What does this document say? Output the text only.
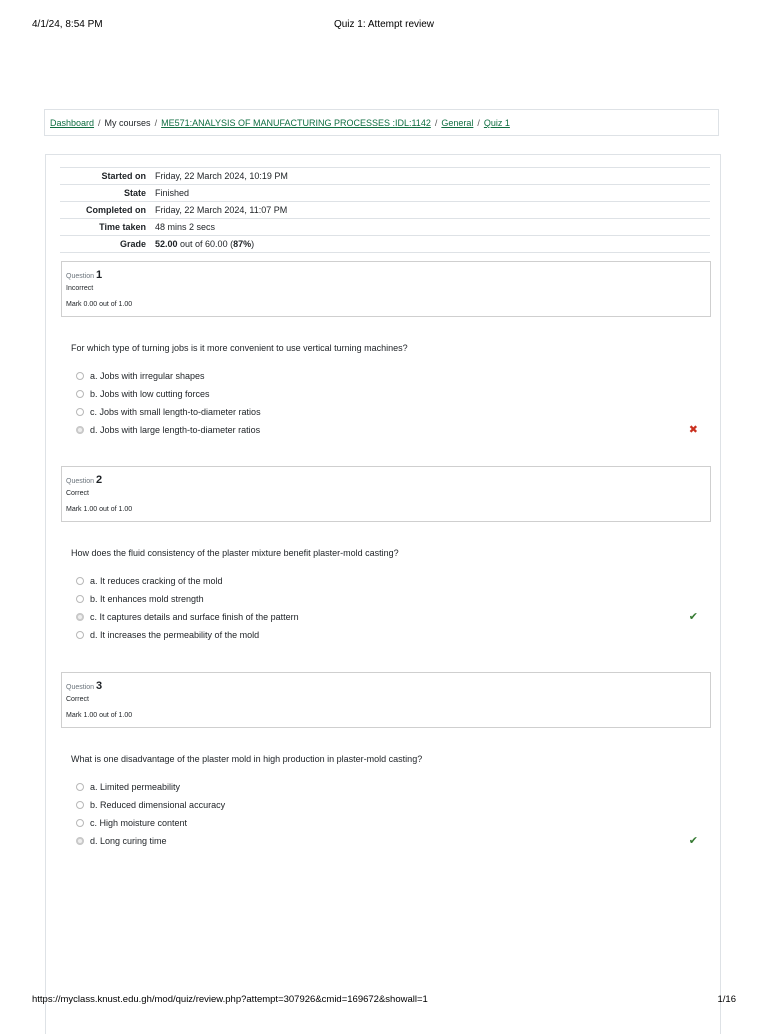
4/1/24, 8:54 PM	Quiz 1: Attempt review
Dashboard / My courses / ME571:ANALYSIS OF MANUFACTURING PROCESSES :IDL:1142 / General / Quiz 1
Started on	Friday, 22 March 2024, 10:19 PM
State	Finished
Completed on	Friday, 22 March 2024, 11:07 PM
Time taken	48 mins 2 secs
Grade	52.00 out of 60.00 (87%)
Question 1
Incorrect
Mark 0.00 out of 1.00
For which type of turning jobs is it more convenient to use vertical turning machines?
a. Jobs with irregular shapes
b. Jobs with low cutting forces
c. Jobs with small length-to-diameter ratios
d. Jobs with large length-to-diameter ratios	✖
Question 2
Correct
Mark 1.00 out of 1.00
How does the fluid consistency of the plaster mixture benefit plaster-mold casting?
a. It reduces cracking of the mold
b. It enhances mold strength
c. It captures details and surface finish of the pattern	✔
d. It increases the permeability of the mold
Question 3
Correct
Mark 1.00 out of 1.00
What is one disadvantage of the plaster mold in high production in plaster-mold casting?
a. Limited permeability
b. Reduced dimensional accuracy
c. High moisture content
d. Long curing time	✔
https://myclass.knust.edu.gh/mod/quiz/review.php?attempt=307926&cmid=169672&showall=1	1/16
